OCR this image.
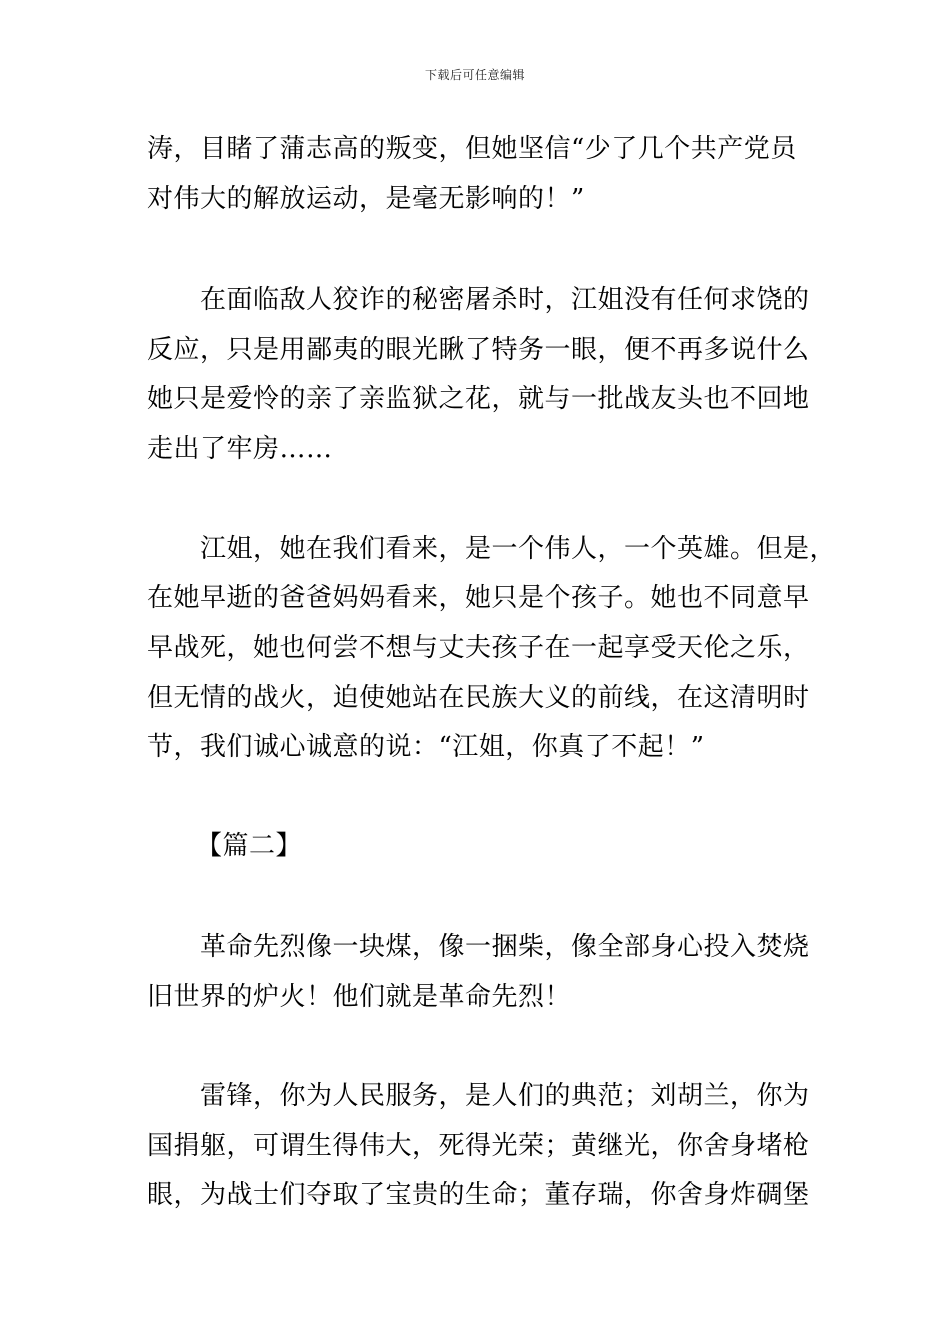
下载后可任意编辑
涛，目睹了蒲志高的叛变，但她坚信“少了几个共产党员
对伟大的解放运动，是毫无影响的！”
在面临敌人狡诈的秘密屠杀时，江姐没有任何求饶的
反应，只是用鄙夷的眼光瞅了特务一眼，便不再多说什么
她只是爱怜的亲了亲监狱之花，就与一批战友头也不回地
走出了牢房……
江姐，她在我们看来，是一个伟人，一个英雄。但是，
在她早逝的爸爸妈妈看来，她只是个孩子。她也不同意早
早战死，她也何尝不想与丈夫孩子在一起享受天伦之乐，
但无情的战火，迫使她站在民族大义的前线，在这清明时
节，我们诚心诚意的说：“江姐，你真了不起！”
【篇二】
革命先烈像一块煤，像一捆柴，像全部身心投入焚烧
旧世界的炉火！他们就是革命先烈！
雷锋，你为人民服务，是人们的典范；刘胡兰，你为
国捐躯，可谓生得伟大，死得光荣；黄继光，你舍身堵枪
眼，为战士们夺取了宝贵的生命；董存瑞，你舍身炸碉堡
